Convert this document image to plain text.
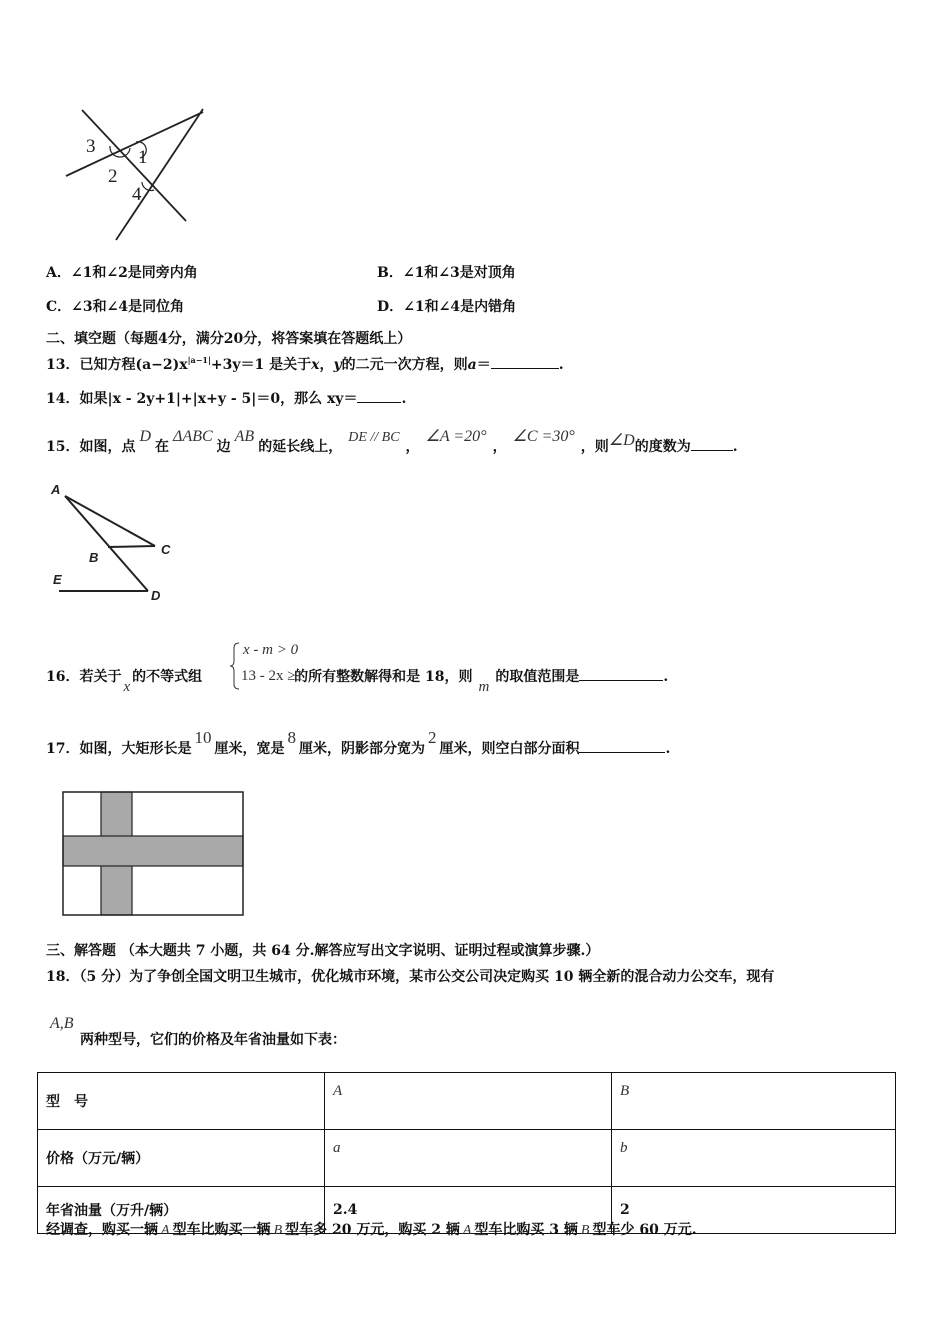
3
1
2
4
A．∠1和∠2是同旁内角	B．∠1和∠3是对顶角
C．∠3和∠4是同位角	D．∠1和∠4是内错角
二、填空题（每题4分，满分20分，将答案填在答题纸上）
13．已知方程$(a-2)x^{|a-1|}+3y=1$ 是关于x，y的二元一次方程，则a＝	.
14．如果|x - 2y+1|+|x+y - 5|＝0，那么 xy＝	.
15．如图，点D在ΔABC边AB的延长线上，DE // BC，∠A =20°，∠C =30°，则∠D的度数为	.
A
B
C
E
D
16．若关于x的不等式组	的所有整数解得和是 18，则m的取值范围是	.
x - m > 0
13 - 2x ≥1
17．如图，大矩形长是10厘米，宽是8厘米，阴影部分宽为2厘米，则空白部分面积	.
三、解答题 （本大题共 7 小题，共 64 分.解答应写出文字说明、证明过程或演算步骤.）
18．（5 分）为了争创全国文明卫生城市，优化城市环境，某市公交公司决定购买 10 辆全新的混合动力公交车，现有
A,B
两种型号，它们的价格及年省油量如下表：
型　号	A	B
价格（万元/辆）	a	b
年省油量（万升/辆）	2.4	2
经调查，购买一辆 A 型车比购买一辆 B 型车多 20 万元，购买 2 辆 A 型车比购买 3 辆 B 型车少 60 万元.
